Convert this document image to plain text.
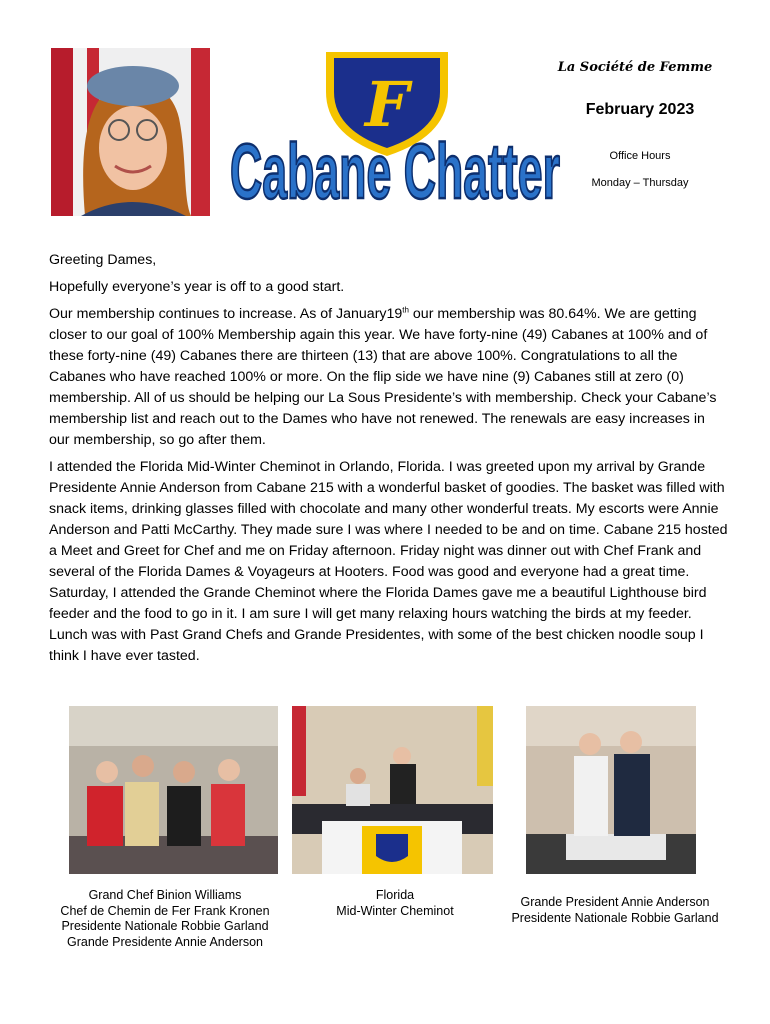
F
Cabane Chatter
La Société de Femme
February 2023
Office Hours
Monday – Thursday

Greeting Dames,

Hopefully everyone’s year is off to a good start.

Our membership continues to increase. As of January19th our membership was 80.64%. We are getting closer to our goal of 100% Membership again this year. We have forty-nine (49) Cabanes at 100% and of these forty-nine (49) Cabanes there are thirteen (13) that are above 100%. Congratulations to all the Cabanes who have reached 100% or more. On the flip side we have nine (9) Cabanes still at zero (0) membership. All of us should be helping our La Sous Presidente’s with membership. Check your Cabane’s membership list and reach out to the Dames who have not renewed. The renewals are easy increases in our membership, so go after them.

I attended the Florida Mid-Winter Cheminot in Orlando, Florida. I was greeted upon my arrival by Grande Presidente Annie Anderson from Cabane 215 with a wonderful basket of goodies. The basket was filled with snack items, drinking glasses filled with chocolate and many other wonderful treats. My escorts were Annie Anderson and Patti McCarthy. They made sure I was where I needed to be and on time. Cabane 215 hosted a Meet and Greet for Chef and me on Friday afternoon. Friday night was dinner out with Chef Frank and several of the Florida Dames & Voyageurs at Hooters. Food was good and everyone had a great time. Saturday, I attended the Grande Cheminot where the Florida Dames gave me a beautiful Lighthouse bird feeder and the food to go in it. I am sure I will get many relaxing hours watching the birds at my feeder. Lunch was with Past Grand Chefs and Grande Presidentes, with some of the best chicken noodle soup I think I have ever tasted.

Grand Chef Binion Williams
Chef de Chemin de Fer Frank Kronen
Presidente Nationale Robbie Garland
Grande Presidente Annie Anderson
Florida
Mid-Winter Cheminot
Grande President Annie Anderson
Presidente Nationale Robbie Garland
